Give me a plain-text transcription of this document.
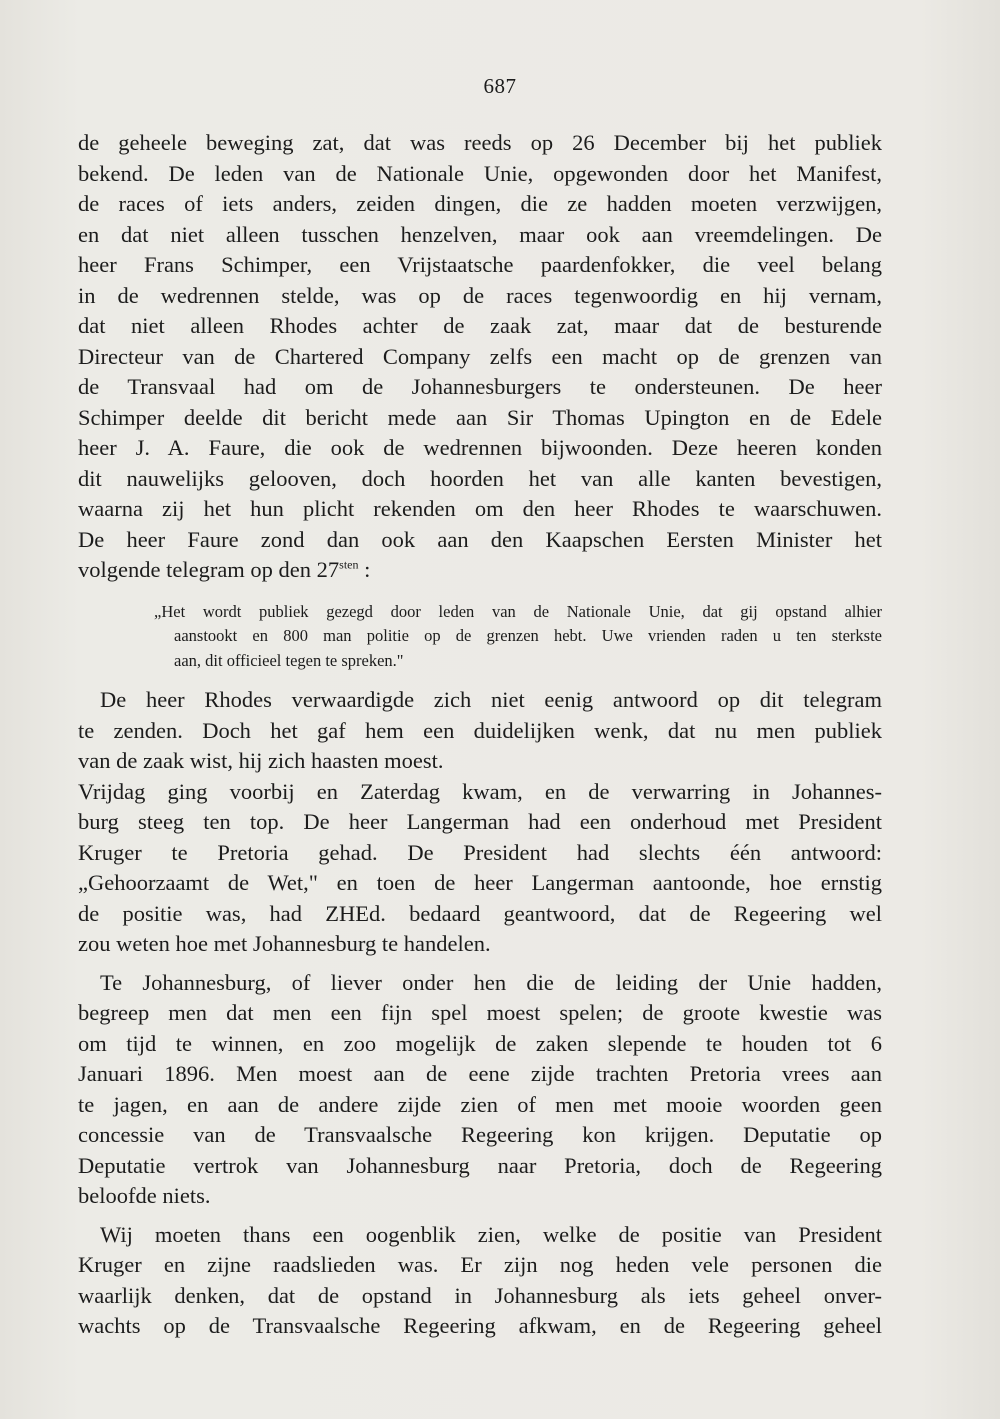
687
de geheele beweging zat, dat was reeds op 26 December bij het publiek
bekend. De leden van de Nationale Unie, opgewonden door het Manifest,
de races of iets anders, zeiden dingen, die ze hadden moeten verzwijgen,
en dat niet alleen tusschen henzelven, maar ook aan vreemdelingen. De
heer Frans Schimper, een Vrijstaatsche paardenfokker, die veel belang
in de wedrennen stelde, was op de races tegenwoordig en hij vernam,
dat niet alleen Rhodes achter de zaak zat, maar dat de besturende
Directeur van de Chartered Company zelfs een macht op de grenzen van
de Transvaal had om de Johannesburgers te ondersteunen. De heer
Schimper deelde dit bericht mede aan Sir Thomas Upington en de Edele
heer J. A. Faure, die ook de wedrennen bijwoonden. Deze heeren konden
dit nauwelijks gelooven, doch hoorden het van alle kanten bevestigen,
waarna zij het hun plicht rekenden om den heer Rhodes te waarschuwen.
De heer Faure zond dan ook aan den Kaapschen Eersten Minister het
volgende telegram op den $27^{sten}$ :
„Het wordt publiek gezegd door leden van de Nationale Unie, dat gij opstand alhier
aanstookt en 800 man politie op de grenzen hebt. Uwe vrienden raden u ten sterkste
aan, dit officieel tegen te spreken."
De heer Rhodes verwaardigde zich niet eenig antwoord op dit telegram
te zenden. Doch het gaf hem een duidelijken wenk, dat nu men publiek
van de zaak wist, hij zich haasten moest.
Vrijdag ging voorbij en Zaterdag kwam, en de verwarring in Johannes-
burg steeg ten top. De heer Langerman had een onderhoud met President
Kruger te Pretoria gehad. De President had slechts één antwoord:
„Gehoorzaamt de Wet," en toen de heer Langerman aantoonde, hoe ernstig
de positie was, had ZHEd. bedaard geantwoord, dat de Regeering wel
zou weten hoe met Johannesburg te handelen.
Te Johannesburg, of liever onder hen die de leiding der Unie hadden,
begreep men dat men een fijn spel moest spelen; de groote kwestie was
om tijd te winnen, en zoo mogelijk de zaken slepende te houden tot 6
Januari 1896. Men moest aan de eene zijde trachten Pretoria vrees aan
te jagen, en aan de andere zijde zien of men met mooie woorden geen
concessie van de Transvaalsche Regeering kon krijgen. Deputatie op
Deputatie vertrok van Johannesburg naar Pretoria, doch de Regeering
beloofde niets.
Wij moeten thans een oogenblik zien, welke de positie van President
Kruger en zijne raadslieden was. Er zijn nog heden vele personen die
waarlijk denken, dat de opstand in Johannesburg als iets geheel onver-
wachts op de Transvaalsche Regeering afkwam, en de Regeering geheel
